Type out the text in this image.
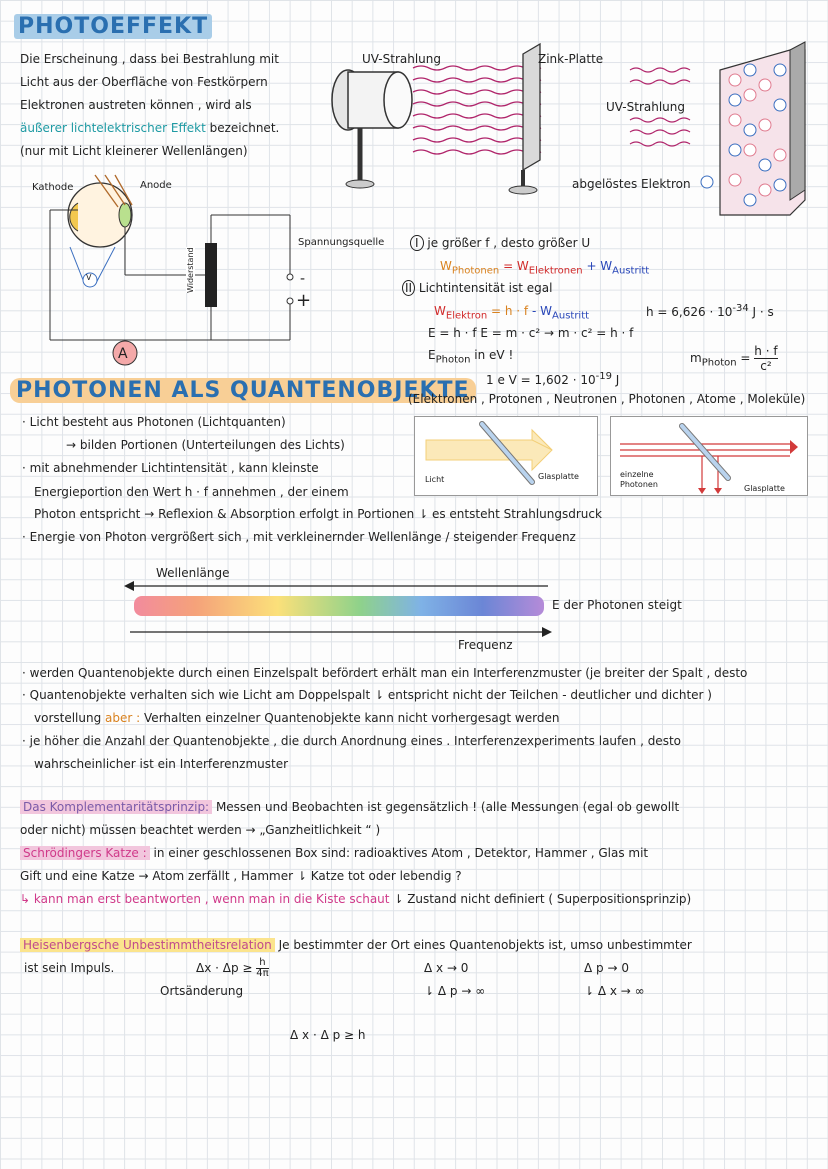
PHOTOEFFEKT
Die Erscheinung , dass bei Bestrahlung mit
Licht aus der Oberfläche von Festkörpern
Elektronen austreten können , wird als
äußerer lichtelektrischer Effekt bezeichnet.
(nur mit Licht kleinerer Wellenlängen)
UV-Strahlung	Zink-Platte
UV-Strahlung
abgelöstes Elektron
Kathode	Anode
Widerstand
Spannungsquelle
-
+
A
V
I je größer f , desto größer U
$W_{Photonen} = W_{Elektronen} + W_{Austritt}$
II Lichtintensität ist egal
$W_{Elektron} = h \cdot f - W_{Austritt}$	$h = 6,626 \cdot 10^{-34}$ J · s
E = h · f E = m · c² → m · c² = h · f
$E_{Photon}$ in eV !	$m_{Photon} = \frac{h \cdot f}{\text{c²}}$
1 e $V = 1,602 \cdot 10^{-19}$ J
PHOTONEN ALS QUANTENOBJEKTE
(Elektronen , Protonen , Neutronen , Photonen , Atome , Moleküle)
· Licht besteht aus Photonen (Lichtquanten)
→ bilden Portionen (Unterteilungen des Lichts)
· mit abnehmender Lichtintensität , kann kleinste
Energieportion den Wert h · f annehmen , der einem
Photon entspricht → Reflexion & Absorption erfolgt in Portionen ⇂ es entsteht Strahlungsdruck
· Energie von Photon vergrößert sich , mit verkleinernder Wellenlänge / steigender Frequenz
Licht	Glasplatte	einzelne
Photonen	Glasplatte
Wellenlänge
E der Photonen steigt
Frequenz
· werden Quantenobjekte durch einen Einzelspalt befördert erhält man ein Interferenzmuster (je breiter der Spalt , desto
· Quantenobjekte verhalten sich wie Licht am Doppelspalt ⇂ entspricht nicht der Teilchen - deutlicher und dichter )
vorstellung aber : Verhalten einzelner Quantenobjekte kann nicht vorhergesagt werden
· je höher die Anzahl der Quantenobjekte , die durch Anordnung eines . Interferenzexperiments laufen , desto
wahrscheinlicher ist ein Interferenzmuster
Das Komplementaritätsprinzip: Messen und Beobachten ist gegensätzlich ! (alle Messungen (egal ob gewollt
oder nicht) müssen beachtet werden → „Ganzheitlichkeit “ )
Schrödingers Katze : in einer geschlossenen Box sind: radioaktives Atom , Detektor, Hammer , Glas mit
Gift und eine Katze → Atom zerfällt , Hammer ⇂ Katze tot oder lebendig ?
↳ kann man erst beantworten , wenn man in die Kiste schaut ⇂ Zustand nicht definiert ( Superpositionsprinzip)
Heisenbergsche Unbestimmtheitsrelation Je bestimmter der Ort eines Quantenobjekts ist, umso unbestimmter
ist sein Impuls.	$\Delta x \cdot \Delta p \ge \frac{h}{4\pi}$
Ortsänderung
Δ x → 0
⇂ Δ p → ∞
Δ p → 0
⇂ Δ x → ∞
Δ x · Δ p ≥ h
